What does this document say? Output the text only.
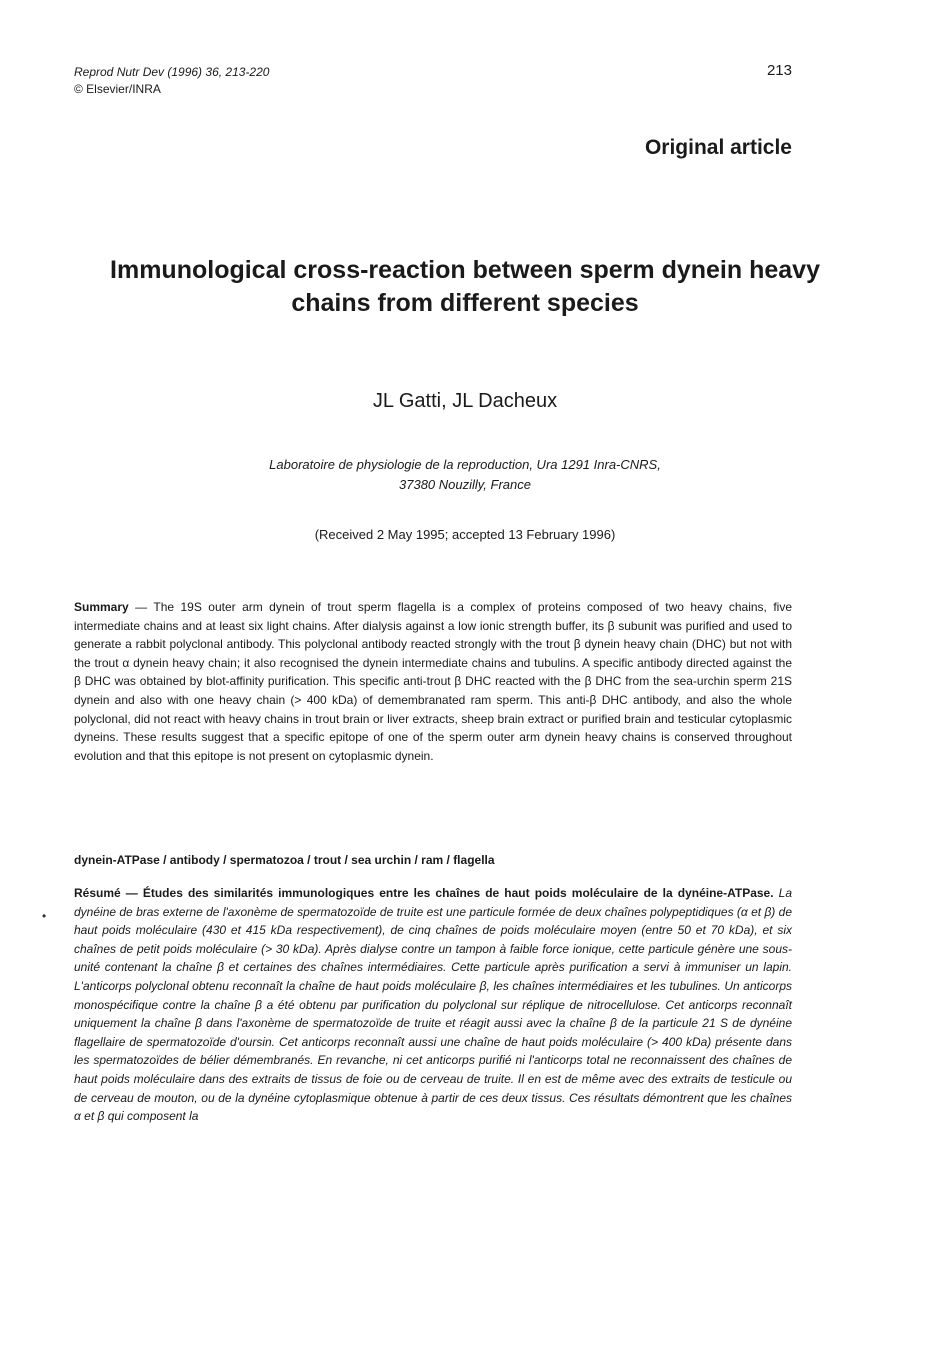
Reprod Nutr Dev (1996) 36, 213-220
© Elsevier/INRA
213
Original article
Immunological cross-reaction between sperm dynein heavy chains from different species
JL Gatti, JL Dacheux
Laboratoire de physiologie de la reproduction, Ura 1291 Inra-CNRS,
37380 Nouzilly, France
(Received 2 May 1995; accepted 13 February 1996)
Summary — The 19S outer arm dynein of trout sperm flagella is a complex of proteins composed of two heavy chains, five intermediate chains and at least six light chains. After dialysis against a low ionic strength buffer, its β subunit was purified and used to generate a rabbit polyclonal antibody. This polyclonal antibody reacted strongly with the trout β dynein heavy chain (DHC) but not with the trout α dynein heavy chain; it also recognised the dynein intermediate chains and tubulins. A specific antibody directed against the β DHC was obtained by blot-affinity purification. This specific anti-trout β DHC reacted with the β DHC from the sea-urchin sperm 21S dynein and also with one heavy chain (> 400 kDa) of demembranated ram sperm. This anti-β DHC antibody, and also the whole polyclonal, did not react with heavy chains in trout brain or liver extracts, sheep brain extract or purified brain and testicular cytoplasmic dyneins. These results suggest that a specific epitope of one of the sperm outer arm dynein heavy chains is conserved throughout evolution and that this epitope is not present on cytoplasmic dynein.
dynein-ATPase / antibody / spermatozoa / trout / sea urchin / ram / flagella
•
Résumé — Études des similarités immunologiques entre les chaînes de haut poids moléculaire de la dynéine-ATPase. La dynéine de bras externe de l'axonème de spermatozoïde de truite est une particule formée de deux chaînes polypeptidiques (α et β) de haut poids moléculaire (430 et 415 kDa respectivement), de cinq chaînes de poids moléculaire moyen (entre 50 et 70 kDa), et six chaînes de petit poids moléculaire (> 30 kDa). Après dialyse contre un tampon à faible force ionique, cette particule génère une sous-unité contenant la chaîne β et certaines des chaînes intermédiaires. Cette particule après purification a servi à immuniser un lapin. L'anticorps polyclonal obtenu reconnaît la chaîne de haut poids moléculaire β, les chaînes intermédiaires et les tubulines. Un anticorps monospécifique contre la chaîne β a été obtenu par purification du polyclonal sur réplique de nitrocellulose. Cet anticorps reconnaît uniquement la chaîne β dans l'axonème de spermatozoïde de truite et réagit aussi avec la chaîne β de la particule 21 S de dynéine flagellaire de spermatozoïde d'oursin. Cet anticorps reconnaît aussi une chaîne de haut poids moléculaire (> 400 kDa) présente dans les spermatozoïdes de bélier démembranés. En revanche, ni cet anticorps purifié ni l'anticorps total ne reconnaissent des chaînes de haut poids moléculaire dans des extraits de tissus de foie ou de cerveau de truite. Il en est de même avec des extraits de testicule ou de cerveau de mouton, ou de la dynéine cytoplasmique obtenue à partir de ces deux tissus. Ces résultats démontrent que les chaînes α et β qui composent la
